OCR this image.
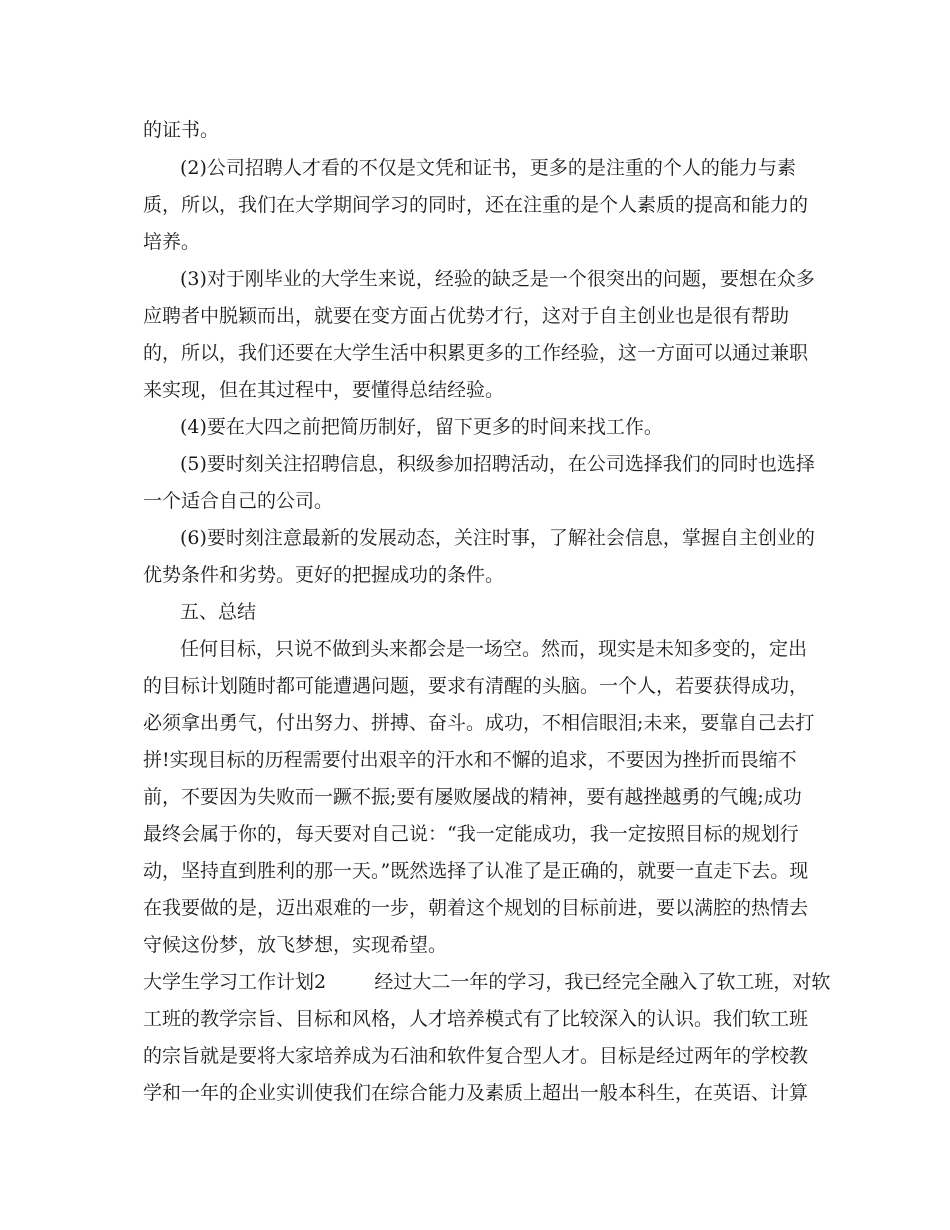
的证书。
(2)公司招聘人才看的不仅是文凭和证书，更多的是注重的个人的能力与素
质，所以，我们在大学期间学习的同时，还在注重的是个人素质的提高和能力的
培养。
(3)对于刚毕业的大学生来说，经验的缺乏是一个很突出的问题，要想在众多
应聘者中脱颖而出，就要在变方面占优势才行，这对于自主创业也是很有帮助
的，所以，我们还要在大学生活中积累更多的工作经验，这一方面可以通过兼职
来实现，但在其过程中，要懂得总结经验。
(4)要在大四之前把简历制好，留下更多的时间来找工作。
(5)要时刻关注招聘信息，积级参加招聘活动，在公司选择我们的同时也选择
一个适合自己的公司。
(6)要时刻注意最新的发展动态，关注时事，了解社会信息，掌握自主创业的
优势条件和劣势。更好的把握成功的条件。
五、总结
任何目标，只说不做到头来都会是一场空。然而，现实是未知多变的，定出
的目标计划随时都可能遭遇问题，要求有清醒的头脑。一个人，若要获得成功，
必须拿出勇气，付出努力、拼搏、奋斗。成功，不相信眼泪;未来，要靠自己去打
拼!实现目标的历程需要付出艰辛的汗水和不懈的追求，不要因为挫折而畏缩不
前，不要因为失败而一蹶不振;要有屡败屡战的精神，要有越挫越勇的气魄;成功
最终会属于你的，每天要对自己说：“我一定能成功，我一定按照目标的规划行
动，坚持直到胜利的那一天。”既然选择了认准了是正确的，就要一直走下去。现
在我要做的是，迈出艰难的一步，朝着这个规划的目标前进，要以满腔的热情去
守候这份梦，放飞梦想，实现希望。
大学生学习工作计划2        经过大二一年的学习，我已经完全融入了软工班，对软
工班的教学宗旨、目标和风格，人才培养模式有了比较深入的认识。我们软工班
的宗旨就是要将大家培养成为石油和软件复合型人才。目标是经过两年的学校教
学和一年的企业实训使我们在综合能力及素质上超出一般本科生，在英语、计算
